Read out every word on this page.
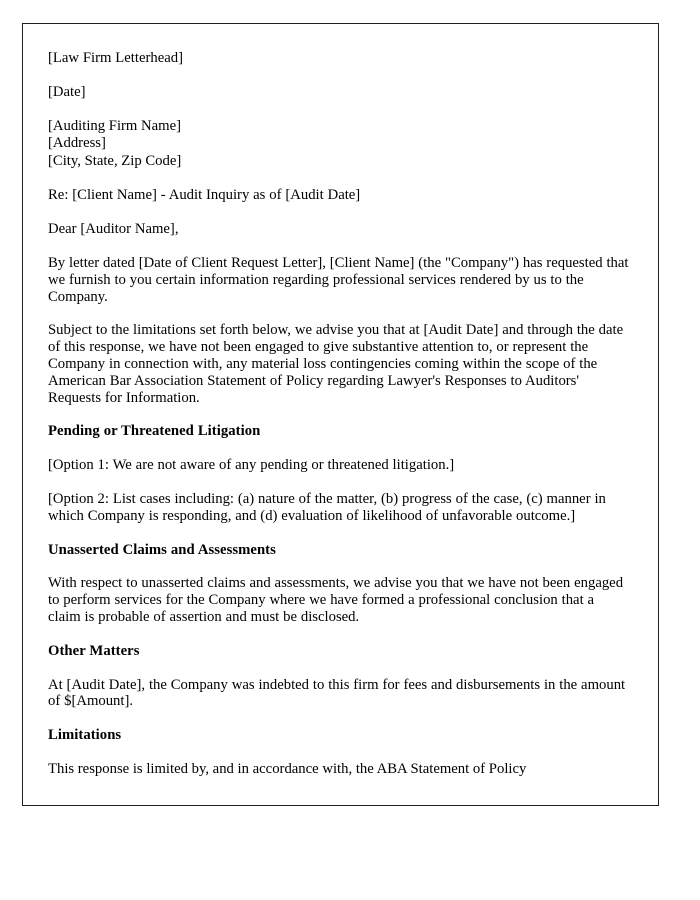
[Law Firm Letterhead]

[Date]

[Auditing Firm Name]
[Address]
[City, State, Zip Code]

Re: [Client Name] - Audit Inquiry as of [Audit Date]

Dear [Auditor Name],

By letter dated [Date of Client Request Letter], [Client Name] (the "Company") has requested that we furnish to you certain information regarding professional services rendered by us to the Company.

Subject to the limitations set forth below, we advise you that at [Audit Date] and through the date of this response, we have not been engaged to give substantive attention to, or represent the Company in connection with, any material loss contingencies coming within the scope of the American Bar Association Statement of Policy regarding Lawyer's Responses to Auditors' Requests for Information.

Pending or Threatened Litigation

[Option 1: We are not aware of any pending or threatened litigation.]

[Option 2: List cases including: (a) nature of the matter, (b) progress of the case, (c) manner in which Company is responding, and (d) evaluation of likelihood of unfavorable outcome.]

Unasserted Claims and Assessments

With respect to unasserted claims and assessments, we advise you that we have not been engaged to perform services for the Company where we have formed a professional conclusion that a claim is probable of assertion and must be disclosed.

Other Matters

At [Audit Date], the Company was indebted to this firm for fees and disbursements in the amount of $[Amount].

Limitations

This response is limited by, and in accordance with, the ABA Statement of Policy
